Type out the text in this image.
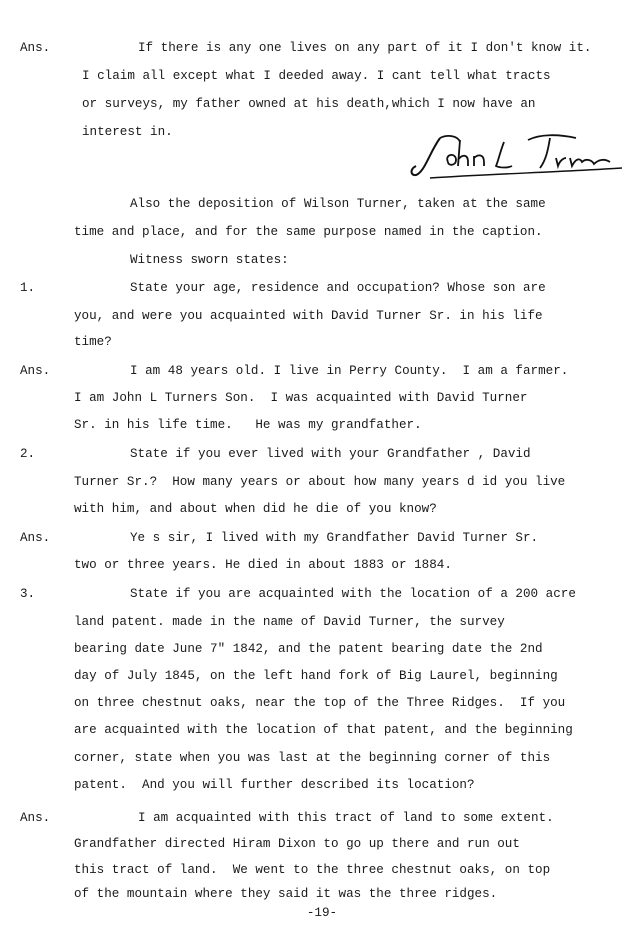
Ans.	If there is any one lives on any part of it I don't know it.
I claim all except what I deeded away. I cant tell what tracts
or surveys, my father owned at his death,which I now have an
interest in.
Also the deposition of Wilson Turner, taken at the same
time and place, and for the same purpose named in the caption.
Witness sworn states:
1.	State your age, residence and occupation? Whose son are
you, and were you acquainted with David Turner Sr. in his life
time?
Ans.	I am 48 years old. I live in Perry County.  I am a farmer.
I am John L Turners Son.  I was acquainted with David Turner
Sr. in his life time.   He was my grandfather.
2.	State if you ever lived with your Grandfather , David
Turner Sr.?  How many years or about how many years d id you live
with him, and about when did he die of you know?
Ans.	Ye s sir, I lived with my Grandfather David Turner Sr.
two or three years. He died in about 1883 or 1884.
3.	State if you are acquainted with the location of a 200 acre
land patent. made in the name of David Turner, the survey
bearing date June 7" 1842, and the patent bearing date the 2nd
day of July 1845, on the left hand fork of Big Laurel, beginning
on three chestnut oaks, near the top of the Three Ridges.  If you
are acquainted with the location of that patent, and the beginning
corner, state when you was last at the beginning corner of this
patent.  And you will further described its location?
Ans.	I am acquainted with this tract of land to some extent.
Grandfather directed Hiram Dixon to go up there and run out
this tract of land.  We went to the three chestnut oaks, on top
of the mountain where they said it was the three ridges.
-19-
